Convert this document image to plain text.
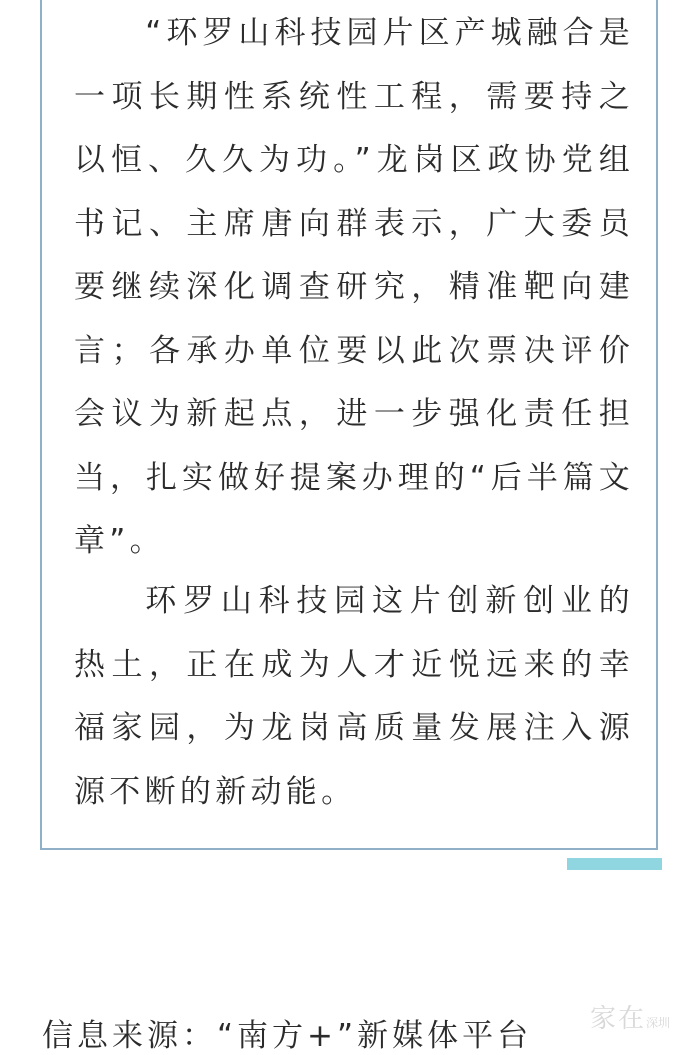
“环罗山科技园片区产城融合是一项长期性系统性工程，需要持之以恒、久久为功。”龙岗区政协党组书记、主席唐向群表示，广大委员要继续深化调查研究，精准靶向建言；各承办单位要以此次票决评价会议为新起点，进一步强化责任担当，扎实做好提案办理的“后半篇文章”。

环罗山科技园这片创新创业的热土，正在成为人才近悦远来的幸福家园，为龙岗高质量发展注入源源不断的新动能。

信息来源：“南方+”新媒体平台 家在深圳
